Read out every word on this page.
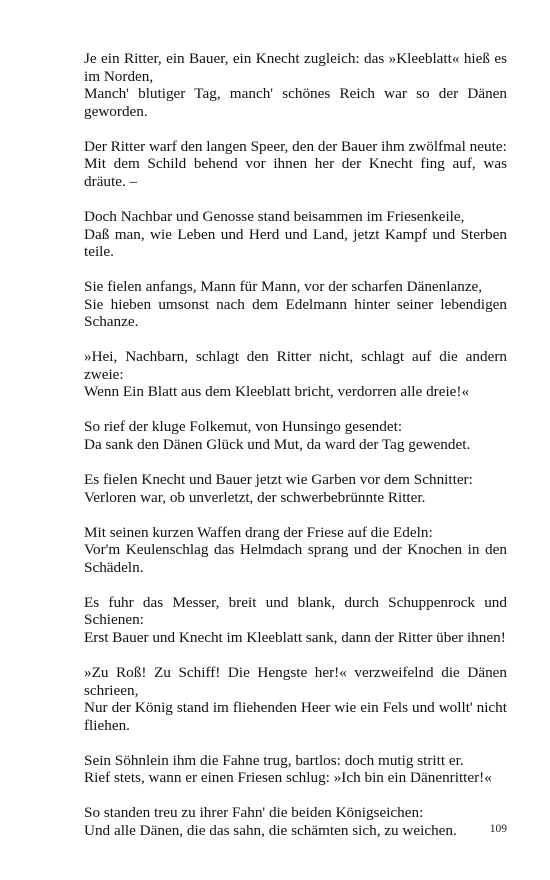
Je ein Ritter, ein Bauer, ein Knecht zugleich: das »Kleeblatt« hieß es im Norden,
Manch' blutiger Tag, manch' schönes Reich war so der Dänen geworden.
Der Ritter warf den langen Speer, den der Bauer ihm zwölfmal neute:
Mit dem Schild behend vor ihnen her der Knecht fing auf, was dräute. –
Doch Nachbar und Genosse stand beisammen im Friesenkeile,
Daß man, wie Leben und Herd und Land, jetzt Kampf und Sterben teile.
Sie fielen anfangs, Mann für Mann, vor der scharfen Dänenlanze,
Sie hieben umsonst nach dem Edelmann hinter seiner lebendigen Schanze.
»Hei, Nachbarn, schlagt den Ritter nicht, schlagt auf die andern zweie:
Wenn Ein Blatt aus dem Kleeblatt bricht, verdorren alle dreie!«
So rief der kluge Folkemut, von Hunsingo gesendet:
Da sank den Dänen Glück und Mut, da ward der Tag gewendet.
Es fielen Knecht und Bauer jetzt wie Garben vor dem Schnitter:
Verloren war, ob unverletzt, der schwerbebrünnte Ritter.
Mit seinen kurzen Waffen drang der Friese auf die Edeln:
Vor'm Keulenschlag das Helmdach sprang und der Knochen in den Schädeln.
Es fuhr das Messer, breit und blank, durch Schuppenrock und Schienen:
Erst Bauer und Knecht im Kleeblatt sank, dann der Ritter über ihnen!
»Zu Roß! Zu Schiff! Die Hengste her!« verzweifelnd die Dänen schrieen,
Nur der König stand im fliehenden Heer wie ein Fels und wollt' nicht fliehen.
Sein Söhnlein ihm die Fahne trug, bartlos: doch mutig stritt er.
Rief stets, wann er einen Friesen schlug: »Ich bin ein Dänenritter!«
So standen treu zu ihrer Fahn' die beiden Königseichen:
Und alle Dänen, die das sahn, die schämten sich, zu weichen.	109
